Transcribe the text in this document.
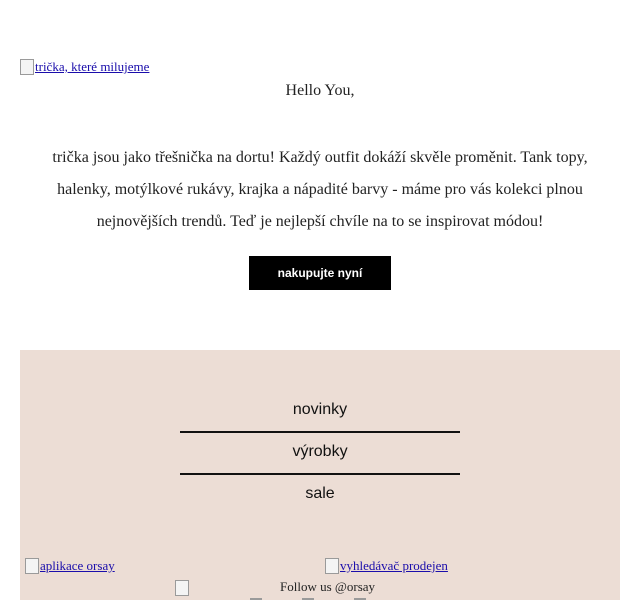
trička, které milujeme
Hello You,
trička jsou jako třešnička na dortu! Každý outfit dokáží skvěle proměnit. Tank topy, halenky, motýlkové rukávy, krajka a nápadité barvy - máme pro vás kolekci plnou nejnovějších trendů. Teď je nejlepší chvíle na to se inspirovat módou!
nakupujte nyní
novinky
výrobky
sale
aplikace orsay	vyhledávač prodejen
Follow us @orsay
